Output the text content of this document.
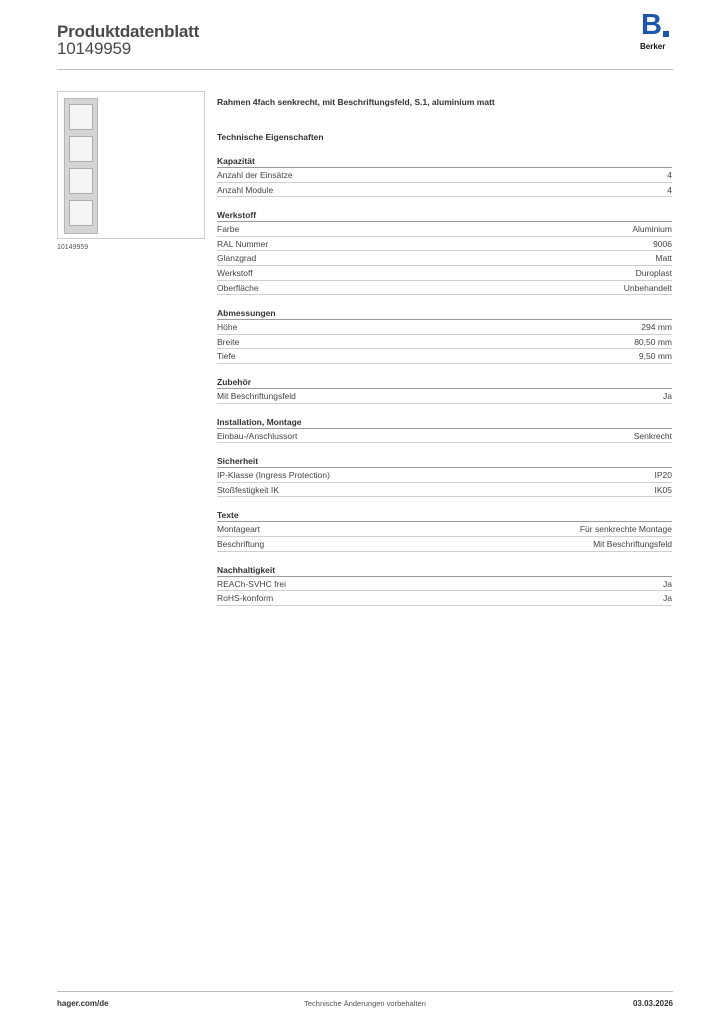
Produktdatenblatt
10149959
B
Berker
10149959
Rahmen 4fach senkrecht, mit Beschriftungsfeld, S.1, aluminium matt
Technische Eigenschaften
Kapazität
Anzahl der Einsätze	4
Anzahl Module	4
Werkstoff
Farbe	Aluminium
RAL Nummer	9006
Glanzgrad	Matt
Werkstoff	Duroplast
Oberfläche	Unbehandelt
Abmessungen
Höhe	294 mm
Breite	80,50 mm
Tiefe	9,50 mm
Zubehör
Mit Beschriftungsfeld	Ja
Installation, Montage
Einbau-/Anschlussort	Senkrecht
Sicherheit
IP-Klasse (Ingress Protection)	IP20
Stoßfestigkeit IK	IK05
Texte
Montageart	Für senkrechte Montage
Beschriftung	Mit Beschriftungsfeld
Nachhaltigkeit
REACh-SVHC frei	Ja
RoHS-konform	Ja
hager.com/de	Technische Änderungen vorbehalten	03.03.2026
